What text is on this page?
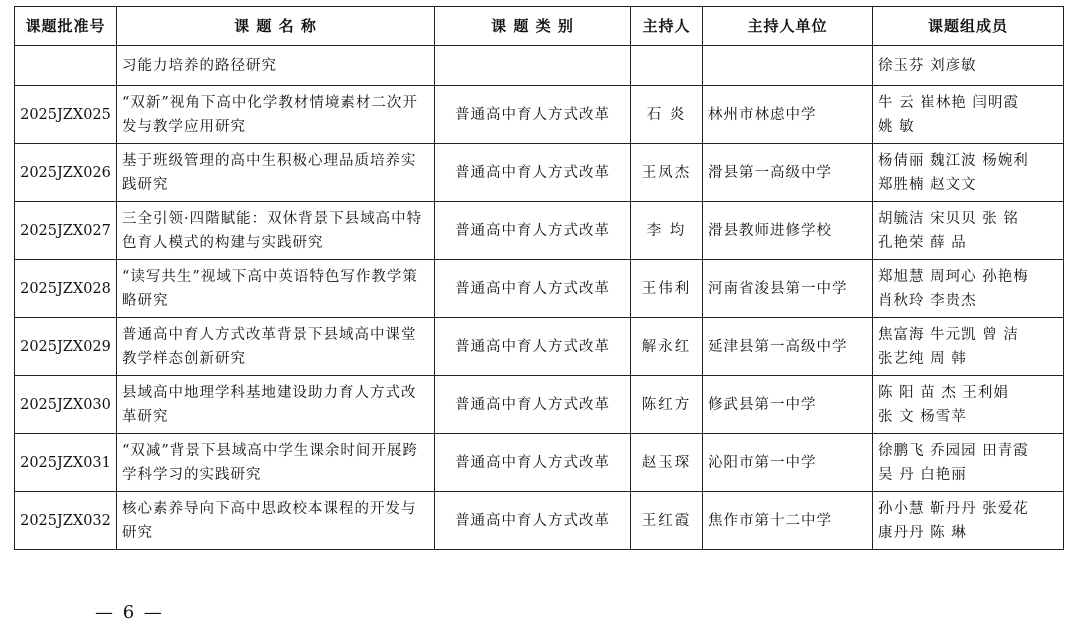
课题批准号	课 题 名 称	课 题 类 别	主持人	主持人单位	课题组成员
	习能力培养的路径研究				徐玉芬 刘彦敏

2025JZX025	“双新”视角下高中化学教材情境素材二次开发与教学应用研究	普通高中育人方式改革	石 炎	林州市林虑中学	牛 云 崔林艳 闫明霞
姚 敏

2025JZX026	基于班级管理的高中生积极心理品质培养实践研究	普通高中育人方式改革	王凤杰	滑县第一高级中学	杨倩丽 魏江波 杨婉利
郑胜楠 赵文文

2025JZX027	三全引领·四階賦能：双休背景下县域高中特色育人模式的构建与实践研究	普通高中育人方式改革	李 均	滑县教师进修学校	胡毓洁 宋贝贝 张 铭
孔艳荣 薛 品

2025JZX028	“读写共生”视域下高中英语特色写作教学策略研究	普通高中育人方式改革	王伟利	河南省浚县第一中学	郑旭慧 周珂心 孙艳梅
肖秋玲 李贵杰

2025JZX029	普通高中育人方式改革背景下县域高中课堂教学样态创新研究	普通高中育人方式改革	解永红	延津县第一高级中学	焦富海 牛元凯 曾 洁
张艺纯 周 韩

2025JZX030	县域高中地理学科基地建设助力育人方式改革研究	普通高中育人方式改革	陈红方	修武县第一中学	陈 阳 苗 杰 王利娟
张 文 杨雪苹

2025JZX031	“双减”背景下县域高中学生课余时间开展跨学科学习的实践研究	普通高中育人方式改革	赵玉琛	沁阳市第一中学	徐鹏飞 乔园园 田青霞
吴 丹 白艳丽

2025JZX032	核心素养导向下高中思政校本课程的开发与研究	普通高中育人方式改革	王红霞	焦作市第十二中学	孙小慧 靳丹丹 张爱花
康丹丹 陈 琳
— 6 —
